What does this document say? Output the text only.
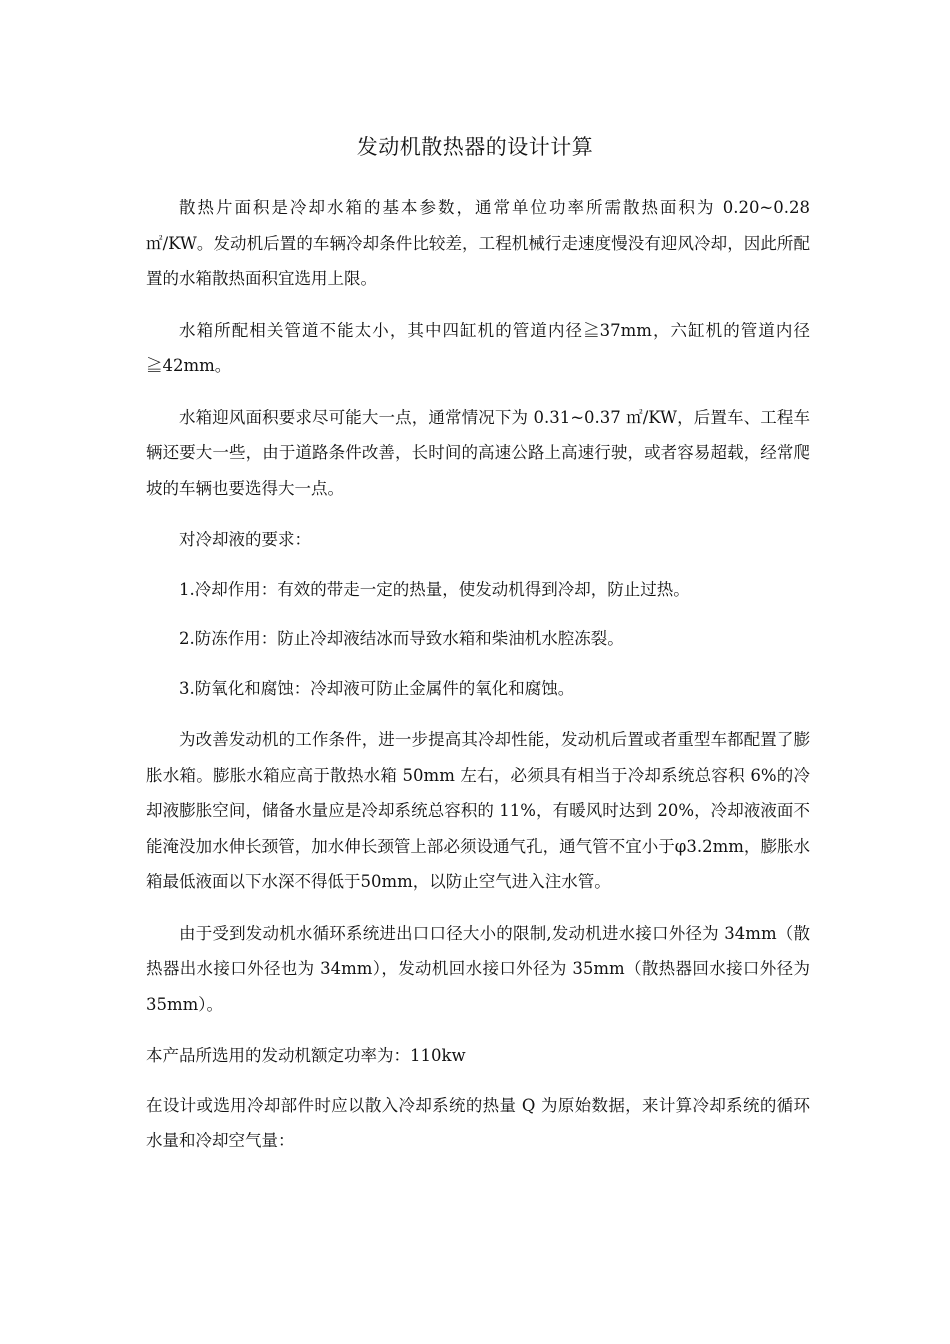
发动机散热器的设计计算

散热片面积是冷却水箱的基本参数，通常单位功率所需散热面积为 0.20~0.28㎡/KW。发动机后置的车辆冷却条件比较差，工程机械行走速度慢没有迎风冷却，因此所配置的水箱散热面积宜选用上限。

水箱所配相关管道不能太小，其中四缸机的管道内径≧37mm，六缸机的管道内径≧42mm。

水箱迎风面积要求尽可能大一点，通常情况下为 0.31~0.37 ㎡/KW，后置车、工程车辆还要大一些，由于道路条件改善，长时间的高速公路上高速行驶，或者容易超载，经常爬坡的车辆也要选得大一点。

对冷却液的要求：

1.冷却作用：有效的带走一定的热量，使发动机得到冷却，防止过热。

2.防冻作用：防止冷却液结冰而导致水箱和柴油机水腔冻裂。

3.防氧化和腐蚀：冷却液可防止金属件的氧化和腐蚀。

为改善发动机的工作条件，进一步提高其冷却性能，发动机后置或者重型车都配置了膨胀水箱。膨胀水箱应高于散热水箱 50mm 左右，必须具有相当于冷却系统总容积 6%的冷却液膨胀空间，储备水量应是冷却系统总容积的 11%，有暖风时达到 20%，冷却液液面不能淹没加水伸长颈管，加水伸长颈管上部必须设通气孔，通气管不宜小于φ3.2mm，膨胀水箱最低液面以下水深不得低于50mm，以防止空气进入注水管。

由于受到发动机水循环系统进出口口径大小的限制,发动机进水接口外径为 34mm（散热器出水接口外径也为 34mm），发动机回水接口外径为 35mm（散热器回水接口外径为 35mm）。

本产品所选用的发动机额定功率为：110kw

在设计或选用冷却部件时应以散入冷却系统的热量 Q 为原始数据，来计算冷却系统的循环水量和冷却空气量：
